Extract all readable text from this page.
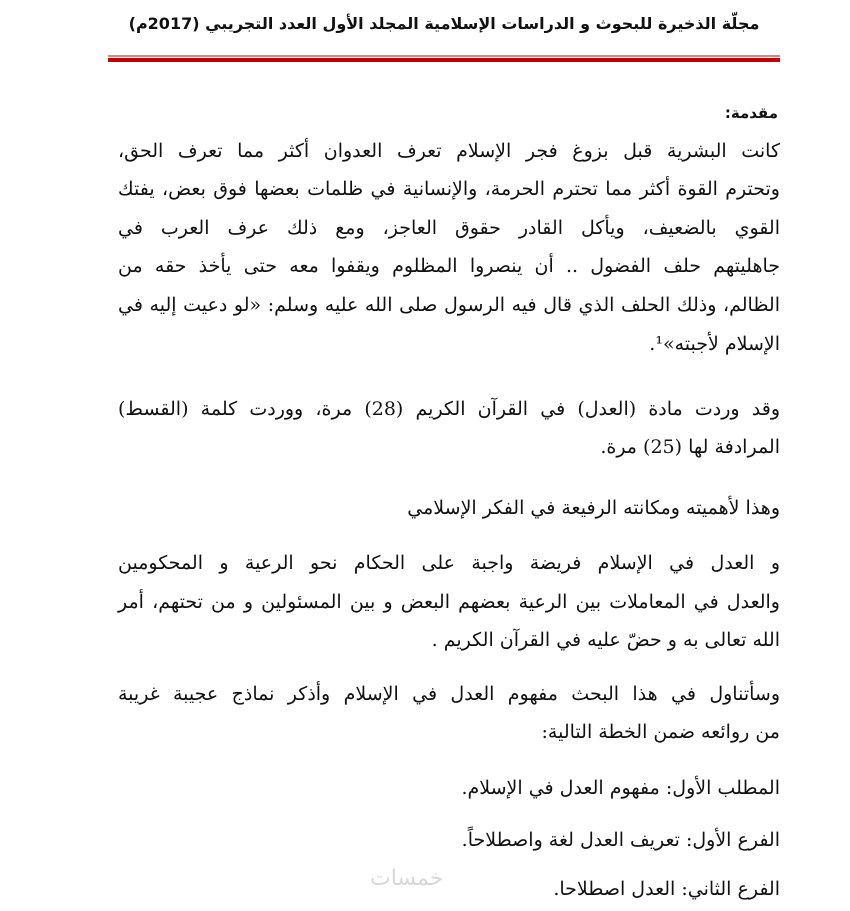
مجلّة الذخيرة للبحوث و الدراسات الإسلامية المجلد الأول العدد التجريبي (2017م)
مقدمة:
كانت البشرية قبل بزوغ فجر الإسلام تعرف العدوان أكثر مما تعرف الحق،
وتحترم القوة أكثر مما تحترم الحرمة، والإنسانية في ظلمات بعضها فوق بعض، يفتك
القوي بالضعيف، ويأكل القادر حقوق العاجز، ومع ذلك عرف العرب في
جاهليتهم حلف الفضول .. أن ينصروا المظلوم ويقفوا معه حتى يأخذ حقه من
الظالم، وذلك الحلف الذي قال فيه الرسول صلى الله عليه وسلم: «لو دعيت إليه في
الإسلام لأجبته»¹.
وقد وردت مادة (العدل) في القرآن الكريم (28) مرة، ووردت كلمة (القسط)
المرادفة لها (25) مرة.
وهذا لأهميته ومكانته الرفيعة في الفكر الإسلامي
و العدل في الإسلام فريضة واجبة على الحكام نحو الرعية و المحكومين
والعدل في المعاملات بين الرعية بعضهم البعض و بين المسئولين و من تحتهم، أمر
الله تعالى به و حضّ عليه في القرآن الكريم .
وسأتناول في هذا البحث مفهوم العدل في الإسلام وأذكر نماذج عجيبة غريبة
من روائعه ضمن الخطة التالية:
المطلب الأول: مفهوم العدل في الإسلام.
الفرع الأول: تعريف العدل لغة واصطلاحاً.
الفرع الثاني: العدل اصطلاحا.
خمسات
